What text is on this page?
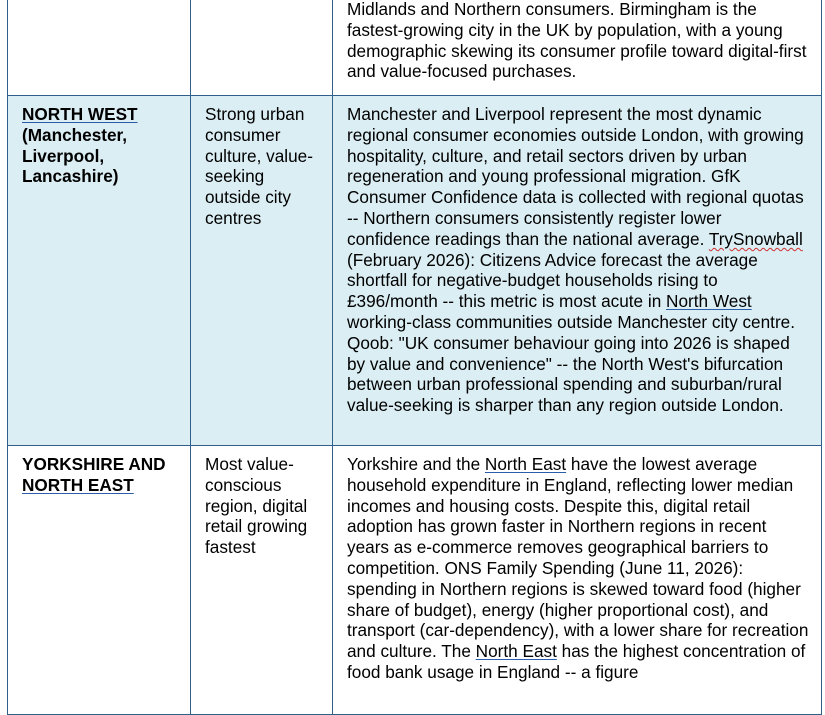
		Midlands and Northern consumers. Birmingham is the fastest-growing city in the UK by population, with a young demographic skewing its consumer profile toward digital-first and value-focused purchases.
NORTH WEST
(Manchester, Liverpool, Lancashire)	Strong urban consumer culture, value-seeking outside city centres	Manchester and Liverpool represent the most dynamic regional consumer economies outside London, with growing hospitality, culture, and retail sectors driven by urban regeneration and young professional migration. GfK Consumer Confidence data is collected with regional quotas -- Northern consumers consistently register lower confidence readings than the national average. TrySnowball (February 2026): Citizens Advice forecast the average shortfall for negative-budget households rising to £396/month -- this metric is most acute in North West working-class communities outside Manchester city centre. Qoob: "UK consumer behaviour going into 2026 is shaped by value and convenience" -- the North West's bifurcation between urban professional spending and suburban/rural value-seeking is sharper than any region outside London.
YORKSHIRE AND
NORTH EAST	Most value-conscious region, digital retail growing fastest	Yorkshire and the North East have the lowest average household expenditure in England, reflecting lower median incomes and housing costs. Despite this, digital retail adoption has grown faster in Northern regions in recent years as e-commerce removes geographical barriers to competition. ONS Family Spending (June 11, 2026): spending in Northern regions is skewed toward food (higher share of budget), energy (higher proportional cost), and transport (car-dependency), with a lower share for recreation and culture. The North East has the highest concentration of food bank usage in England -- a figure
